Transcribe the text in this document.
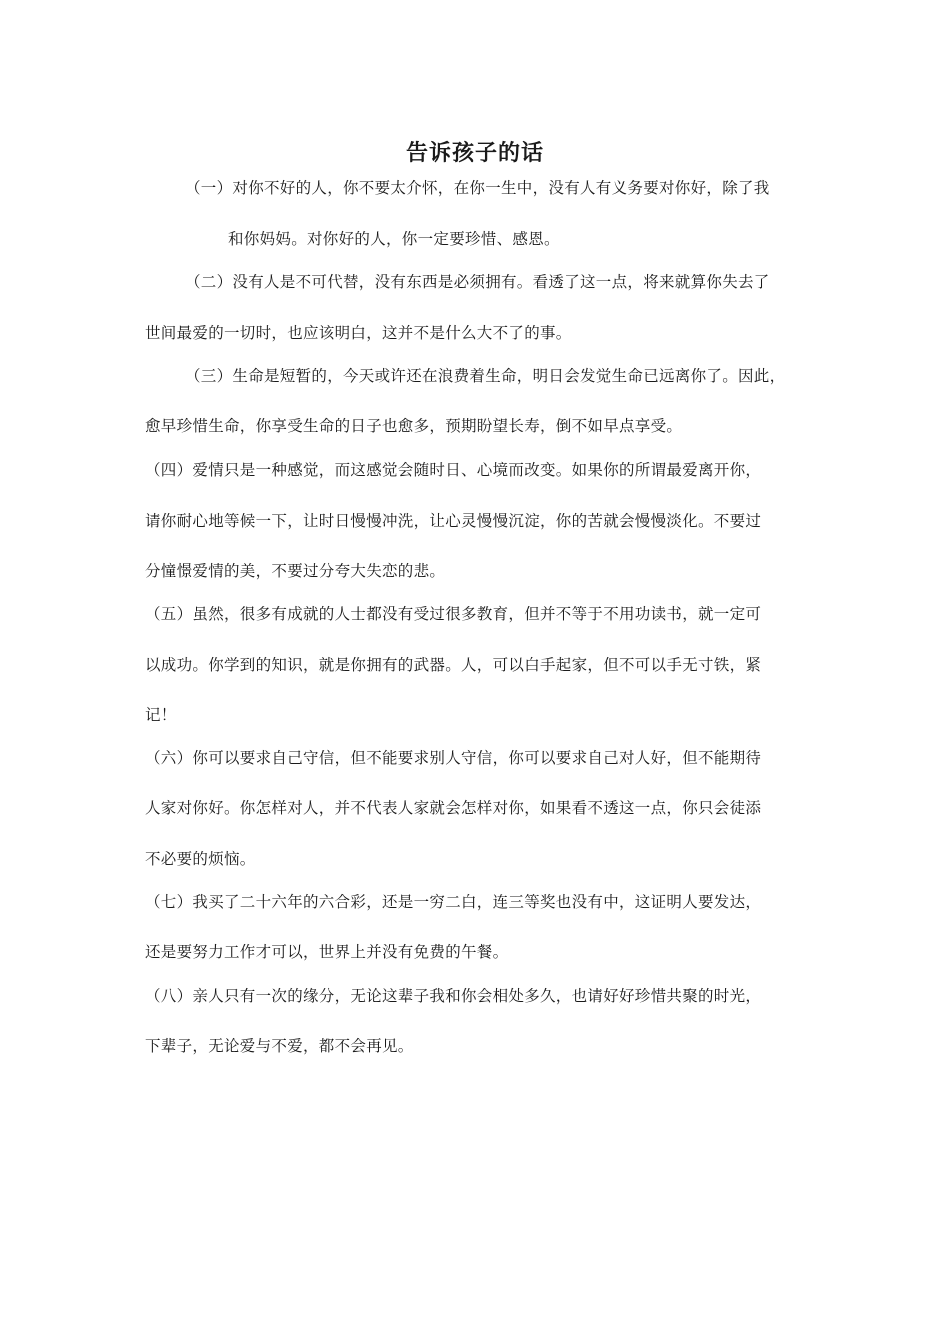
告诉孩子的话

（一）对你不好的人，你不要太介怀，在你一生中，没有人有义务要对你好，除了我

和你妈妈。对你好的人，你一定要珍惜、感恩。

（二）没有人是不可代替，没有东西是必须拥有。看透了这一点，将来就算你失去了

世间最爱的一切时，也应该明白，这并不是什么大不了的事。

（三）生命是短暂的，今天或许还在浪费着生命，明日会发觉生命已远离你了。因此，

愈早珍惜生命，你享受生命的日子也愈多，预期盼望长寿，倒不如早点享受。

（四）爱情只是一种感觉，而这感觉会随时日、心境而改变。如果你的所谓最爱离开你，

请你耐心地等候一下，让时日慢慢冲洗，让心灵慢慢沉淀，你的苦就会慢慢淡化。不要过

分憧憬爱情的美，不要过分夸大失恋的悲。

（五）虽然，很多有成就的人士都没有受过很多教育，但并不等于不用功读书，就一定可

以成功。你学到的知识，就是你拥有的武器。人，可以白手起家，但不可以手无寸铁，紧

记！

（六）你可以要求自己守信，但不能要求别人守信，你可以要求自己对人好，但不能期待

人家对你好。你怎样对人，并不代表人家就会怎样对你，如果看不透这一点，你只会徒添

不必要的烦恼。

（七）我买了二十六年的六合彩，还是一穷二白，连三等奖也没有中，这证明人要发达，

还是要努力工作才可以，世界上并没有免费的午餐。

（八）亲人只有一次的缘分，无论这辈子我和你会相处多久，也请好好珍惜共聚的时光，

下辈子，无论爱与不爱，都不会再见。
